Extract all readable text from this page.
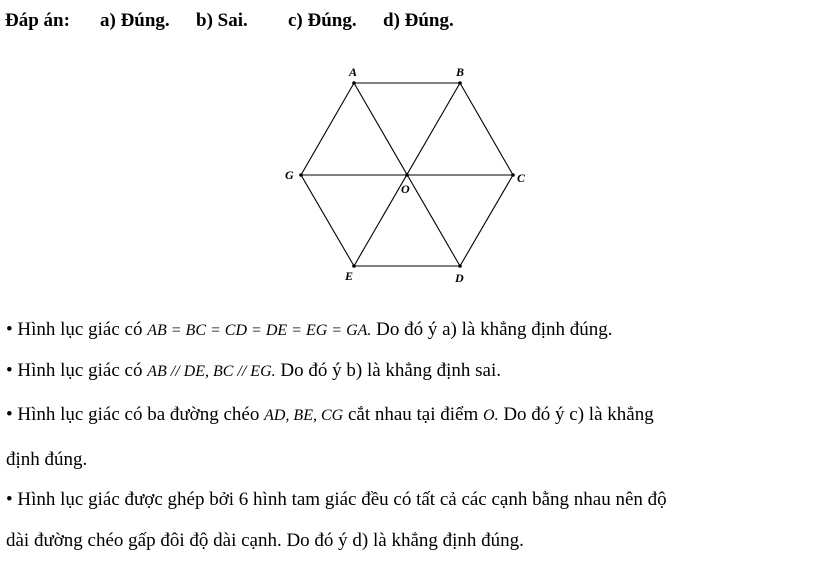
Đáp án: a) Đúng. b) Sai. c) Đúng. d) Đúng.
A	B
C
D
E
G
O
• Hình lục giác có AB = BC = CD = DE = EG = GA. Do đó ý a) là khẳng định đúng.
• Hình lục giác có AB // DE, BC // EG. Do đó ý b) là khẳng định sai.
• Hình lục giác có ba đường chéo AD, BE, CG cắt nhau tại điểm O. Do đó ý c) là khẳng
định đúng.
• Hình lục giác được ghép bởi 6 hình tam giác đều có tất cả các cạnh bằng nhau nên độ
dài đường chéo gấp đôi độ dài cạnh. Do đó ý d) là khẳng định đúng.
